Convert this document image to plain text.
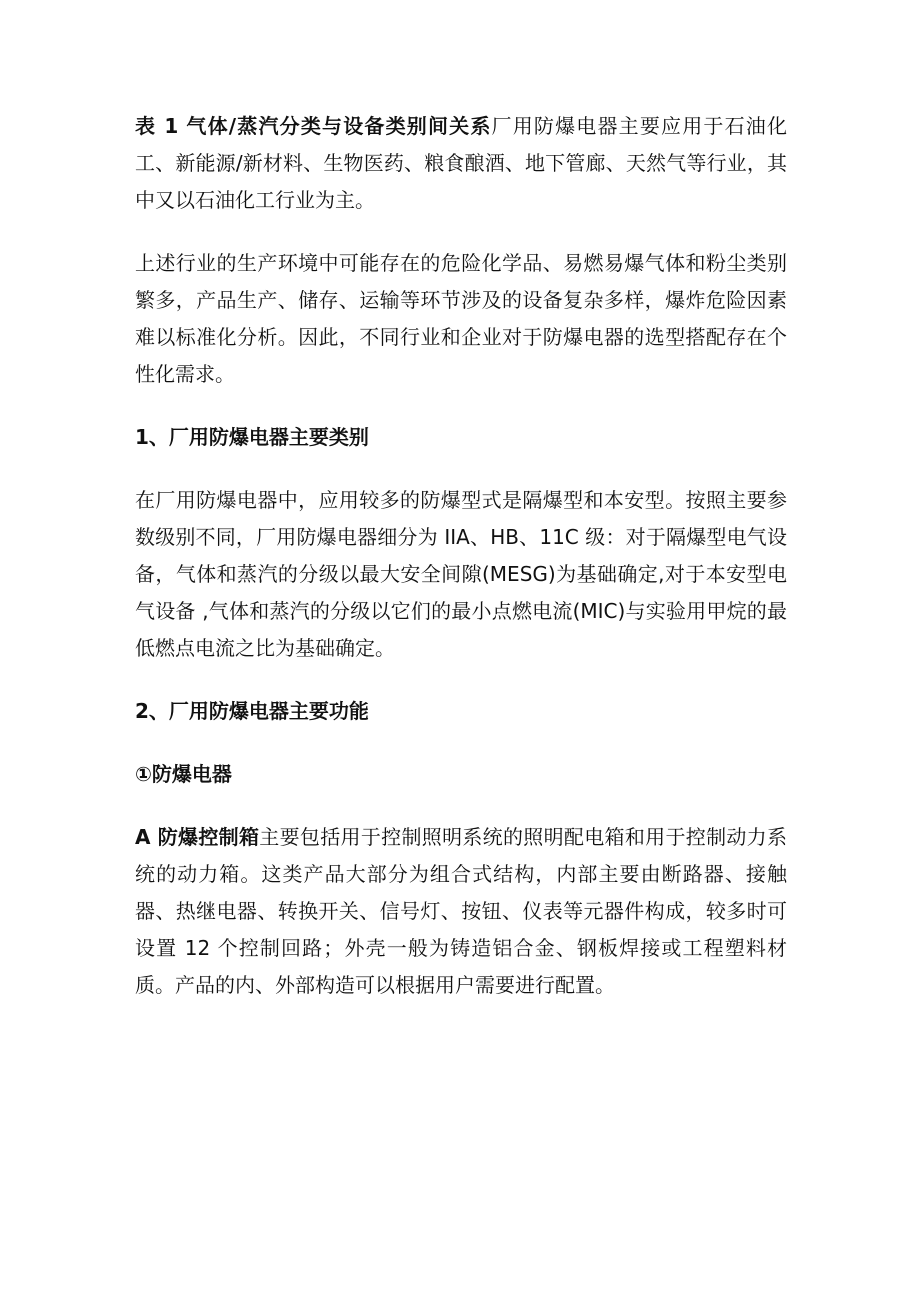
表 1 气体/蒸汽分类与设备类别间关系厂用防爆电器主要应用于石油化工、新能源/新材料、生物医药、粮食酿酒、地下管廊、天然气等行业，其中又以石油化工行业为主。

上述行业的生产环境中可能存在的危险化学品、易燃易爆气体和粉尘类别繁多，产品生产、储存、运输等环节涉及的设备复杂多样，爆炸危险因素难以标准化分析。因此，不同行业和企业对于防爆电器的选型搭配存在个性化需求。

1、厂用防爆电器主要类别

在厂用防爆电器中，应用较多的防爆型式是隔爆型和本安型。按照主要参数级别不同，厂用防爆电器细分为 IIA、HB、11C 级：对于隔爆型电气设备，气体和蒸汽的分级以最大安全间隙(MESG)为基础确定,对于本安型电气设备 ,气体和蒸汽的分级以它们的最小点燃电流(MIC)与实验用甲烷的最低燃点电流之比为基础确定。

2、厂用防爆电器主要功能

①防爆电器

A 防爆控制箱主要包括用于控制照明系统的照明配电箱和用于控制动力系统的动力箱。这类产品大部分为组合式结构，内部主要由断路器、接触器、热继电器、转换开关、信号灯、按钮、仪表等元器件构成，较多时可设置 12 个控制回路；外壳一般为铸造铝合金、钢板焊接或工程塑料材质。产品的内、外部构造可以根据用户需要进行配置。
